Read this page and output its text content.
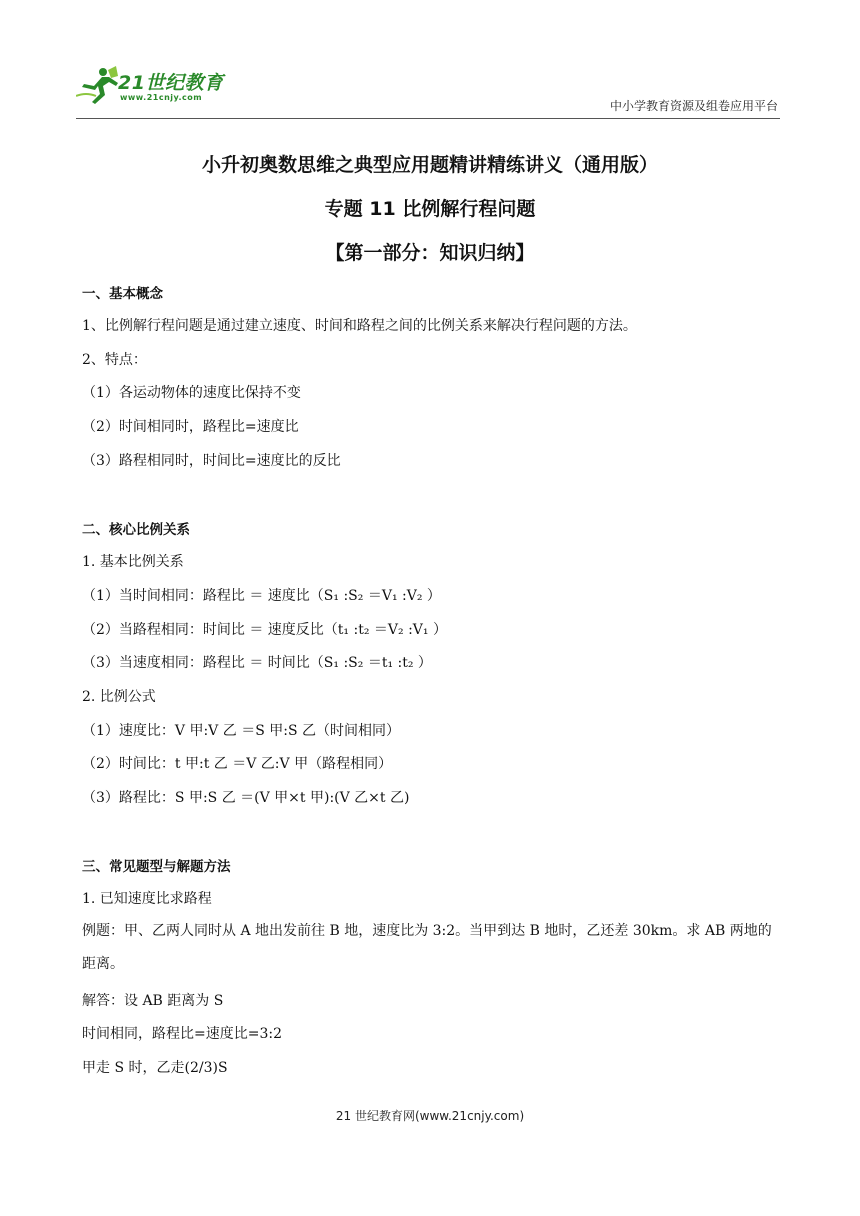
21世纪教育
www.21cnjy.com
中小学教育资源及组卷应用平台
小升初奥数思维之典型应用题精讲精练讲义（通用版）
专题 11 比例解行程问题
【第一部分：知识归纳】
一、基本概念
1、比例解行程问题是通过建立速度、时间和路程之间的比例关系来解决行程问题的方法。
2、特点：
（1）各运动物体的速度比保持不变
（2）时间相同时，路程比=速度比
（3）路程相同时，时间比=速度比的反比
二、核心比例关系
1. 基本比例关系
（1）当时间相同：路程比 ＝ 速度比（S₁ :S₂ ＝V₁ :V₂ ）
（2）当路程相同：时间比 ＝ 速度反比（t₁ :t₂ ＝V₂ :V₁ ）
（3）当速度相同：路程比 ＝ 时间比（S₁ :S₂ ＝t₁ :t₂ ）
2. 比例公式
（1）速度比：V 甲:V 乙 ＝S 甲:S 乙（时间相同）
（2）时间比：t 甲:t 乙 ＝V 乙:V 甲（路程相同）
（3）路程比：S 甲:S 乙 ＝(V 甲×t 甲):(V 乙×t 乙)
三、常见题型与解题方法
1. 已知速度比求路程
例题：甲、乙两人同时从 A 地出发前往 B 地，速度比为 3:2。当甲到达 B 地时，乙还差 30km。求 AB 两地的距离。
解答：设 AB 距离为 S
时间相同，路程比=速度比=3:2
甲走 S 时，乙走(2/3)S
21 世纪教育网(www.21cnjy.com)
